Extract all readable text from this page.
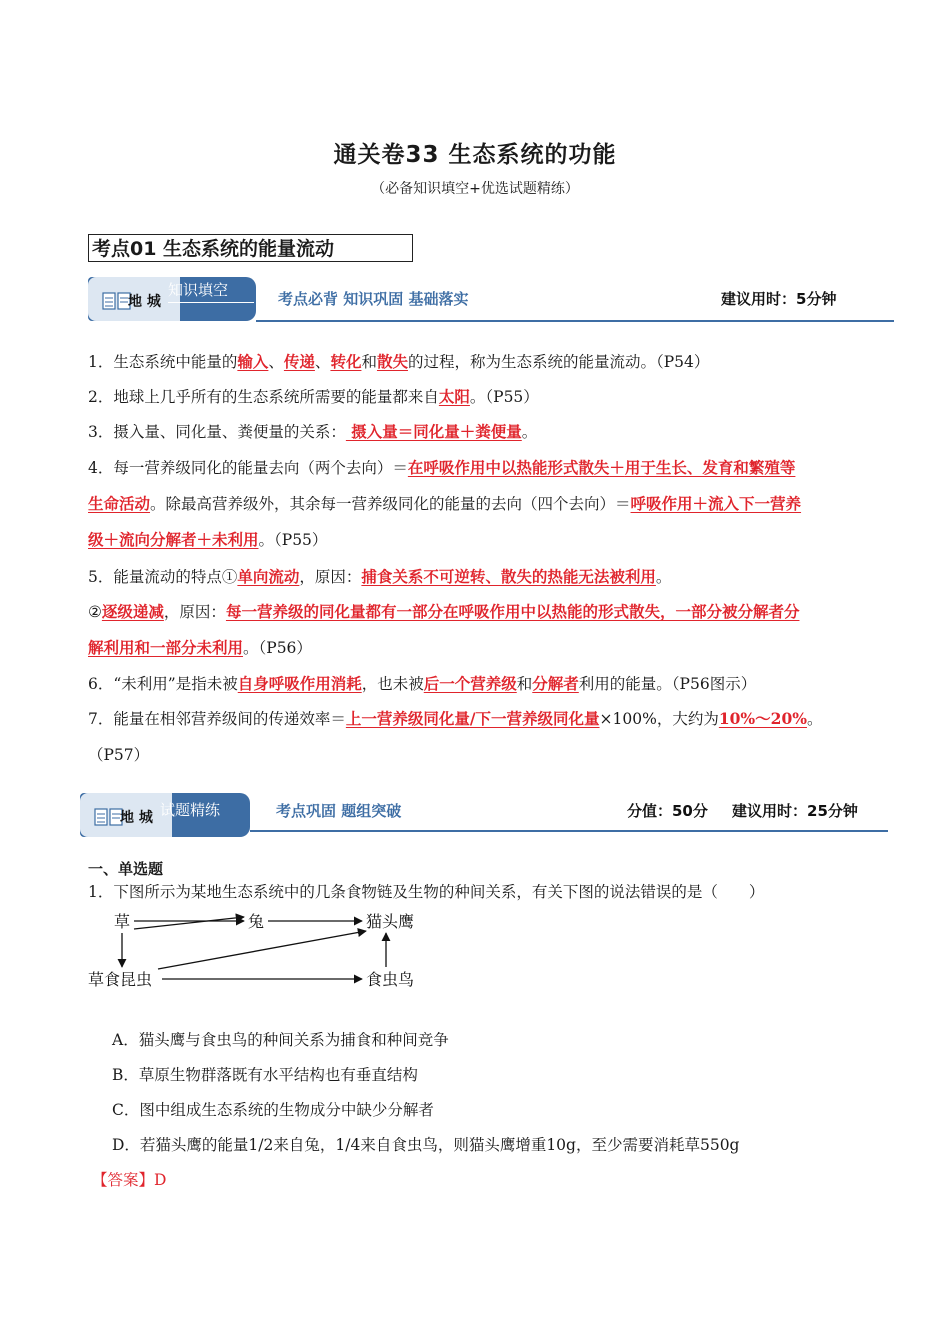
通关卷33 生态系统的功能
（必备知识填空+优选试题精练）
考点01 生态系统的能量流动
地 城
知识填空	考点必背 知识巩固 基础落实	建议用时：5分钟
1．生态系统中能量的输入、传递、转化和散失的过程，称为生态系统的能量流动。（P54）
2．地球上几乎所有的生态系统所需要的能量都来自太阳。（P55）
3．摄入量、同化量、粪便量的关系： 摄入量＝同化量＋粪便量。
4．每一营养级同化的能量去向（两个去向）＝在呼吸作用中以热能形式散失＋用于生长、发育和繁殖等
生命活动。除最高营养级外，其余每一营养级同化的能量的去向（四个去向）＝呼吸作用＋流入下一营养
级＋流向分解者＋未利用。（P55）
5．能量流动的特点①单向流动，原因：捕食关系不可逆转、散失的热能无法被利用。
②逐级递减，原因：每一营养级的同化量都有一部分在呼吸作用中以热能的形式散失，一部分被分解者分
解利用和一部分未利用。（P56）
6．“未利用”是指未被自身呼吸作用消耗，也未被后一个营养级和分解者利用的能量。（P56图示）
7．能量在相邻营养级间的传递效率＝上一营养级同化量/下一营养级同化量×100%，大约为10%～20%。
（P57）
地 城 试题精练	考点巩固 题组突破	分值：50分 建议用时：25分钟
一、单选题
1．下图所示为某地生态系统中的几条食物链及生物的种间关系，有关下图的说法错误的是（　　）
草	兔	猫头鹰
草食昆虫	食虫鸟
A．猫头鹰与食虫鸟的种间关系为捕食和种间竞争
B．草原生物群落既有水平结构也有垂直结构
C．图中组成生态系统的生物成分中缺少分解者
D．若猫头鹰的能量1/2来自兔，1/4来自食虫鸟，则猫头鹰增重10g，至少需要消耗草550g
【答案】D
